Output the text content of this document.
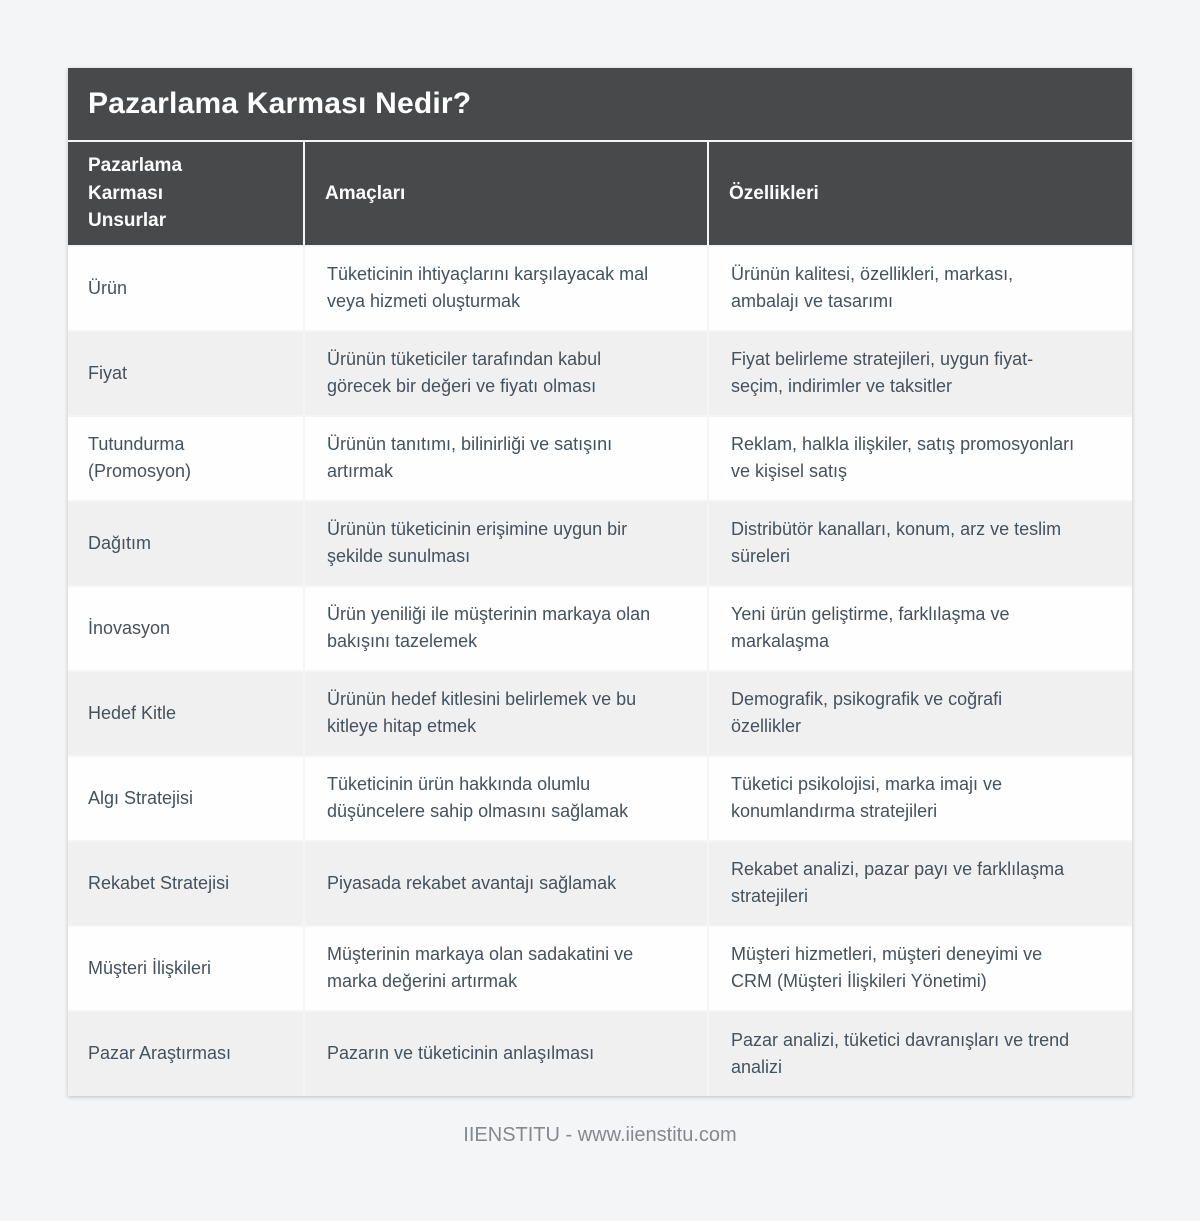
Pazarlama Karması Nedir?
Pazarlama Karması Unsurlar	Amaçları	Özellikleri
Ürün	Tüketicinin ihtiyaçlarını karşılayacak mal veya hizmeti oluşturmak	Ürünün kalitesi, özellikleri, markası, ambalajı ve tasarımı
Fiyat	Ürünün tüketiciler tarafından kabul görecek bir değeri ve fiyatı olması	Fiyat belirleme stratejileri, uygun fiyat-seçim, indirimler ve taksitler
Tutundurma (Promosyon)	Ürünün tanıtımı, bilinirliği ve satışını artırmak	Reklam, halkla ilişkiler, satış promosyonları ve kişisel satış
Dağıtım	Ürünün tüketicinin erişimine uygun bir şekilde sunulması	Distribütör kanalları, konum, arz ve teslim süreleri
İnovasyon	Ürün yeniliği ile müşterinin markaya olan bakışını tazelemek	Yeni ürün geliştirme, farklılaşma ve markalaşma
Hedef Kitle	Ürünün hedef kitlesini belirlemek ve bu kitleye hitap etmek	Demografik, psikografik ve coğrafi özellikler
Algı Stratejisi	Tüketicinin ürün hakkında olumlu düşüncelere sahip olmasını sağlamak	Tüketici psikolojisi, marka imajı ve konumlandırma stratejileri
Rekabet Stratejisi	Piyasada rekabet avantajı sağlamak	Rekabet analizi, pazar payı ve farklılaşma stratejileri
Müşteri İlişkileri	Müşterinin markaya olan sadakatini ve marka değerini artırmak	Müşteri hizmetleri, müşteri deneyimi ve CRM (Müşteri İlişkileri Yönetimi)
Pazar Araştırması	Pazarın ve tüketicinin anlaşılması	Pazar analizi, tüketici davranışları ve trend analizi
IIENSTITU - www.iienstitu.com
